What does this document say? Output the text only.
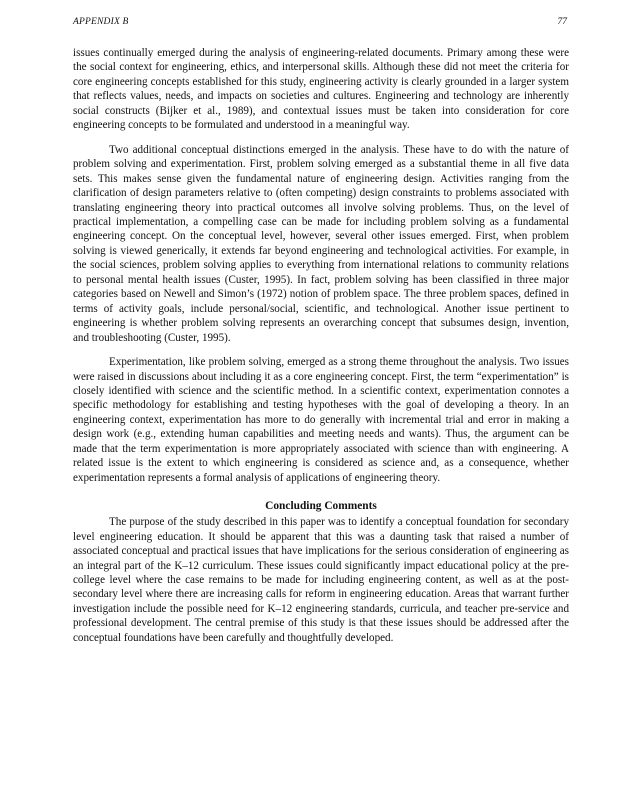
APPENDIX B	77

issues continually emerged during the analysis of engineering-related documents. Primary among these were the social context for engineering, ethics, and interpersonal skills. Although these did not meet the criteria for core engineering concepts established for this study, engineering activity is clearly grounded in a larger system that reflects values, needs, and impacts on societies and cultures. Engineering and technology are inherently social constructs (Bijker et al., 1989), and contextual issues must be taken into consideration for core engineering concepts to be formulated and understood in a meaningful way.

Two additional conceptual distinctions emerged in the analysis. These have to do with the nature of problem solving and experimentation. First, problem solving emerged as a substantial theme in all five data sets. This makes sense given the fundamental nature of engineering design. Activities ranging from the clarification of design parameters relative to (often competing) design constraints to problems associated with translating engineering theory into practical outcomes all involve solving problems. Thus, on the level of practical implementation, a compelling case can be made for including problem solving as a fundamental engineering concept. On the conceptual level, however, several other issues emerged. First, when problem solving is viewed generically, it extends far beyond engineering and technological activities. For example, in the social sciences, problem solving applies to everything from international relations to community relations to personal mental health issues (Custer, 1995). In fact, problem solving has been classified in three major categories based on Newell and Simon’s (1972) notion of problem space. The three problem spaces, defined in terms of activity goals, include personal/social, scientific, and technological. Another issue pertinent to engineering is whether problem solving represents an overarching concept that subsumes design, invention, and troubleshooting (Custer, 1995).

Experimentation, like problem solving, emerged as a strong theme throughout the analysis. Two issues were raised in discussions about including it as a core engineering concept. First, the term “experimentation” is closely identified with science and the scientific method. In a scientific context, experimentation connotes a specific methodology for establishing and testing hypotheses with the goal of developing a theory. In an engineering context, experimentation has more to do generally with incremental trial and error in making a design work (e.g., extending human capabilities and meeting needs and wants). Thus, the argument can be made that the term experimentation is more appropriately associated with science than with engineering. A related issue is the extent to which engineering is considered as science and, as a consequence, whether experimentation represents a formal analysis of applications of engineering theory.

Concluding Comments

The purpose of the study described in this paper was to identify a conceptual foundation for secondary level engineering education. It should be apparent that this was a daunting task that raised a number of associated conceptual and practical issues that have implications for the serious consideration of engineering as an integral part of the K–12 curriculum. These issues could significantly impact educational policy at the pre-college level where the case remains to be made for including engineering content, as well as at the post-secondary level where there are increasing calls for reform in engineering education. Areas that warrant further investigation include the possible need for K–12 engineering standards, curricula, and teacher pre-service and professional development. The central premise of this study is that these issues should be addressed after the conceptual foundations have been carefully and thoughtfully developed.
